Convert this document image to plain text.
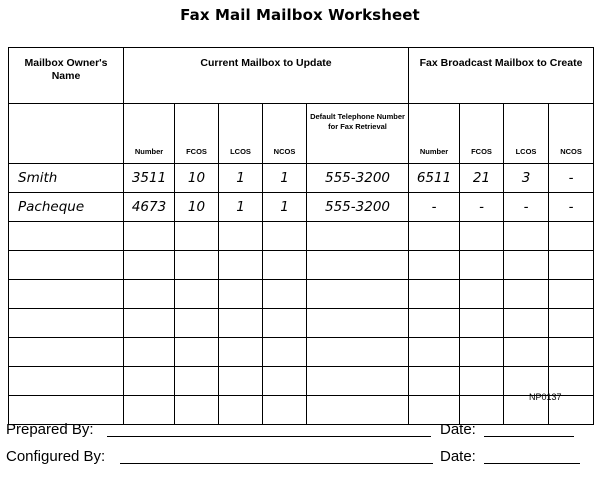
Fax Mail Mailbox Worksheet
Mailbox Owner's Name	Current Mailbox to Update					Fax Broadcast Mailbox to Create			
	Number	FCOS	LCOS	NCOS	Default Telephone Number for Fax Retrieval	Number	FCOS	LCOS	NCOS
Smith	3511	10	1	1	555-3200	6511	21	3	-
Pacheque	4673	10	1	1	555-3200	-	-	-	-

NP0137
Prepared By:	Date:
Configured By:	Date:
